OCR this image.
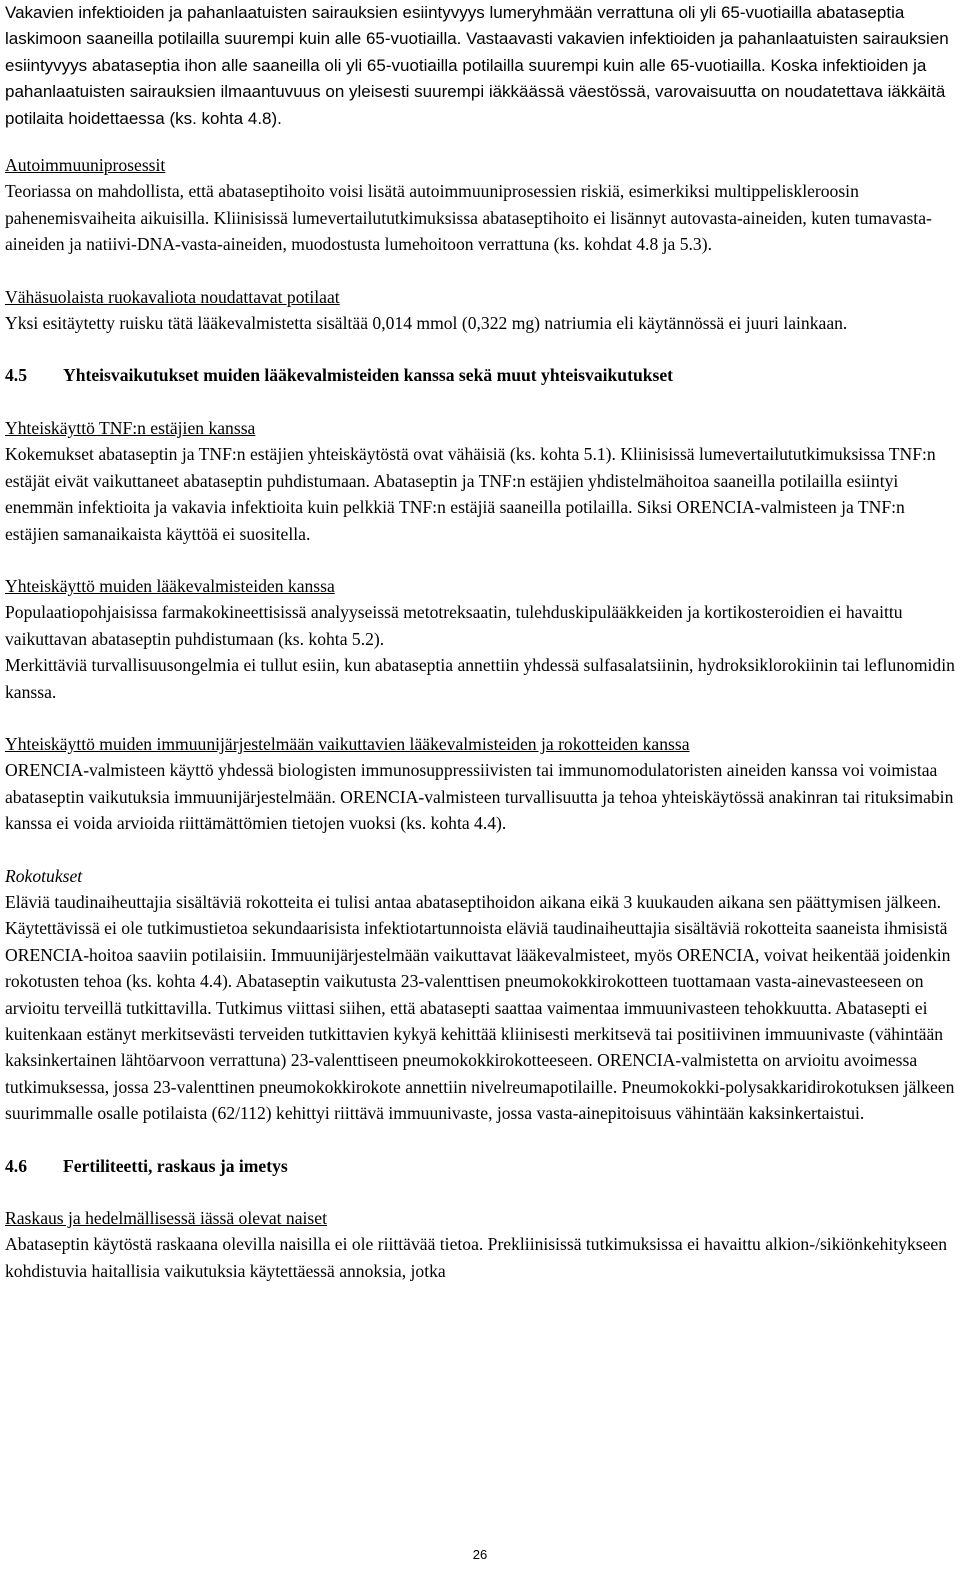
Vakavien infektioiden ja pahanlaatuisten sairauksien esiintyvyys lumeryhmään verrattuna oli yli 65-vuotiailla abataseptia laskimoon saaneilla potilailla suurempi kuin alle 65-vuotiailla. Vastaavasti vakavien infektioiden ja pahanlaatuisten sairauksien esiintyvyys abataseptia ihon alle saaneilla oli yli 65-vuotiailla potilailla suurempi kuin alle 65-vuotiailla. Koska infektioiden ja pahanlaatuisten sairauksien ilmaantuvuus on yleisesti suurempi iäkkäässä väestössä, varovaisuutta on noudatettava iäkkäitä potilaita hoidettaessa (ks. kohta 4.8).

Autoimmuuniprosessit

Teoriassa on mahdollista, että abataseptihoito voisi lisätä autoimmuuniprosessien riskiä, esimerkiksi multippeliskleroosin pahenemisvaiheita aikuisilla. Kliinisissä lumevertailututkimuksissa abataseptihoito ei lisännyt autovasta-aineiden, kuten tumavasta-aineiden ja natiivi-DNA-vasta-aineiden, muodostusta lumehoitoon verrattuna (ks. kohdat 4.8 ja 5.3).

Vähäsuolaista ruokavaliota noudattavat potilaat

Yksi esitäytetty ruisku tätä lääkevalmistetta sisältää 0,014 mmol (0,322 mg) natriumia eli käytännössä ei juuri lainkaan.

4.5	Yhteisvaikutukset muiden lääkevalmisteiden kanssa sekä muut yhteisvaikutukset
Yhteiskäyttö TNF:n estäjien kanssa

Kokemukset abataseptin ja TNF:n estäjien yhteiskäytöstä ovat vähäisiä (ks. kohta 5.1). Kliinisissä lumevertailututkimuksissa TNF:n estäjät eivät vaikuttaneet abataseptin puhdistumaan. Abataseptin ja TNF:n estäjien yhdistelmähoitoa saaneilla potilailla esiintyi enemmän infektioita ja vakavia infektioita kuin pelkkiä TNF:n estäjiä saaneilla potilailla. Siksi ORENCIA-valmisteen ja TNF:n estäjien samanaikaista käyttöä ei suositella.

Yhteiskäyttö muiden lääkevalmisteiden kanssa

Populaatiopohjaisissa farmakokineettisissä analyyseissä metotreksaatin, tulehduskipulääkkeiden ja kortikosteroidien ei havaittu vaikuttavan abataseptin puhdistumaan (ks. kohta 5.2).

Merkittäviä turvallisuusongelmia ei tullut esiin, kun abataseptia annettiin yhdessä sulfasalatsiinin, hydroksiklorokiinin tai leflunomidin kanssa.

Yhteiskäyttö muiden immuunijärjestelmään vaikuttavien lääkevalmisteiden ja rokotteiden kanssa

ORENCIA-valmisteen käyttö yhdessä biologisten immunosuppressiivisten tai immunomodulatoristen aineiden kanssa voi voimistaa abataseptin vaikutuksia immuunijärjestelmään. ORENCIA-valmisteen turvallisuutta ja tehoa yhteiskäytössä anakinran tai rituksimabin kanssa ei voida arvioida riittämättömien tietojen vuoksi (ks. kohta 4.4).

Rokotukset

Eläviä taudinaiheuttajia sisältäviä rokotteita ei tulisi antaa abataseptihoidon aikana eikä 3 kuukauden aikana sen päättymisen jälkeen. Käytettävissä ei ole tutkimustietoa sekundaarisista infektiotartunnoista eläviä taudinaiheuttajia sisältäviä rokotteita saaneista ihmisistä ORENCIA-hoitoa saaviin potilaisiin. Immuunijärjestelmään vaikuttavat lääkevalmisteet, myös ORENCIA, voivat heikentää joidenkin rokotusten tehoa (ks. kohta 4.4). Abataseptin vaikutusta 23-valenttisen pneumokokkirokotteen tuottamaan vasta-ainevasteeseen on arvioitu terveillä tutkittavilla. Tutkimus viittasi siihen, että abatasepti saattaa vaimentaa immuunivasteen tehokkuutta. Abatasepti ei kuitenkaan estänyt merkitsevästi terveiden tutkittavien kykyä kehittää kliinisesti merkitsevä tai positiivinen immuunivaste (vähintään kaksinkertainen lähtöarvoon verrattuna) 23-valenttiseen pneumokokkirokotteeseen. ORENCIA-valmistetta on arvioitu avoimessa tutkimuksessa, jossa 23-valenttinen pneumokokkirokote annettiin nivelreumapotilaille. Pneumokokki-polysakkaridirokotuksen jälkeen suurimmalle osalle potilaista (62/112) kehittyi riittävä immuunivaste, jossa vasta-ainepitoisuus vähintään kaksinkertaistui.

4.6	Fertiliteetti, raskaus ja imetys
Raskaus ja hedelmällisessä iässä olevat naiset

Abataseptin käytöstä raskaana olevilla naisilla ei ole riittävää tietoa. Prekliinisissä tutkimuksissa ei havaittu alkion-/sikiönkehitykseen kohdistuvia haitallisia vaikutuksia käytettäessä annoksia, jotka

26
